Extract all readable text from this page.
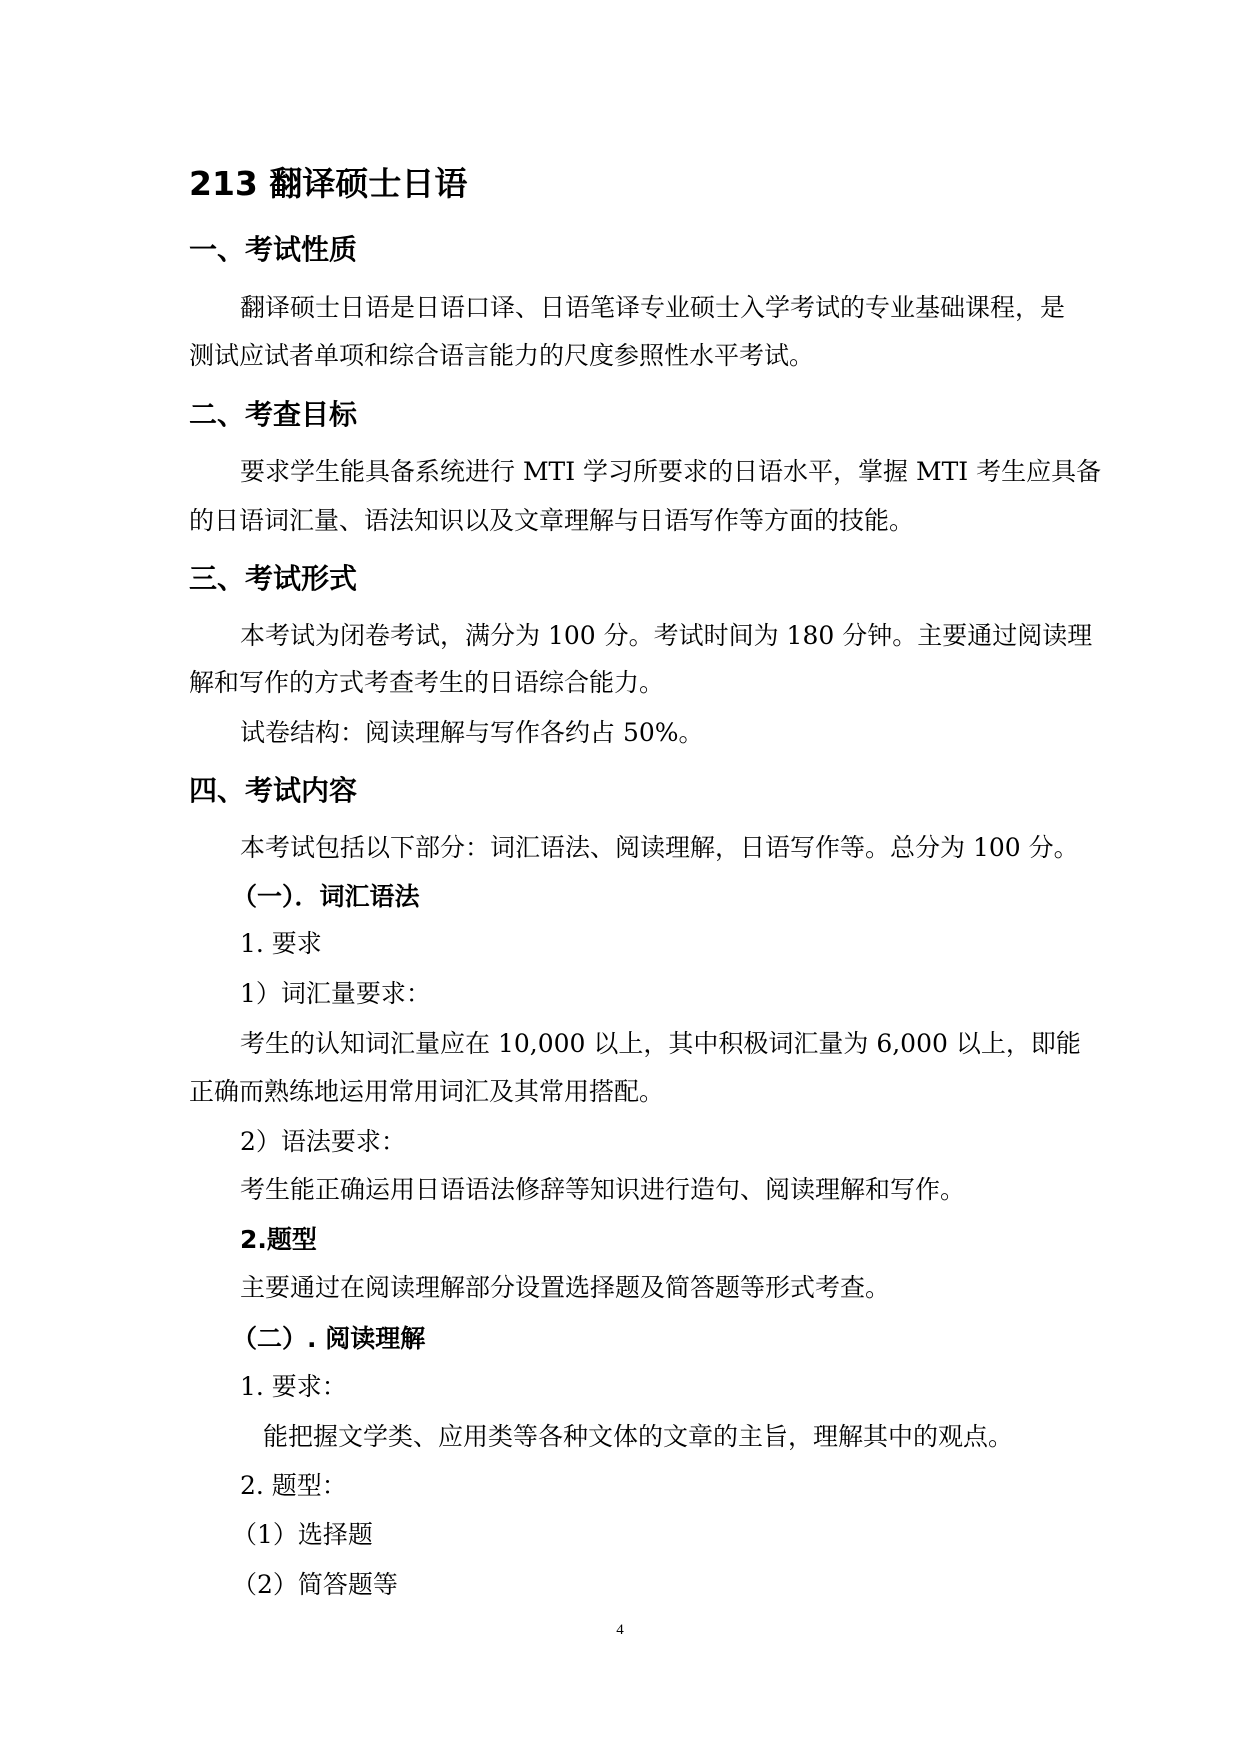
213 翻译硕士日语
一、考试性质
翻译硕士日语是日语口译、日语笔译专业硕士入学考试的专业基础课程，是
测试应试者单项和综合语言能力的尺度参照性水平考试。
二、考查目标
要求学生能具备系统进行 MTI 学习所要求的日语水平，掌握 MTI 考生应具备
的日语词汇量、语法知识以及文章理解与日语写作等方面的技能。
三、考试形式
本考试为闭卷考试，满分为 100 分。考试时间为 180 分钟。主要通过阅读理
解和写作的方式考查考生的日语综合能力。
试卷结构：阅读理解与写作各约占 50%。
四、考试内容
本考试包括以下部分：词汇语法、阅读理解，日语写作等。总分为 100 分。
（一）．词汇语法
1. 要求
1）词汇量要求：
考生的认知词汇量应在 10,000 以上，其中积极词汇量为 6,000 以上，即能
正确而熟练地运用常用词汇及其常用搭配。
2）语法要求：
考生能正确运用日语语法修辞等知识进行造句、阅读理解和写作。
2.题型
主要通过在阅读理解部分设置选择题及简答题等形式考查。
（二）. 阅读理解
1. 要求：
能把握文学类、应用类等各种文体的文章的主旨，理解其中的观点。
2. 题型：
（1）选择题
（2）简答题等
4
